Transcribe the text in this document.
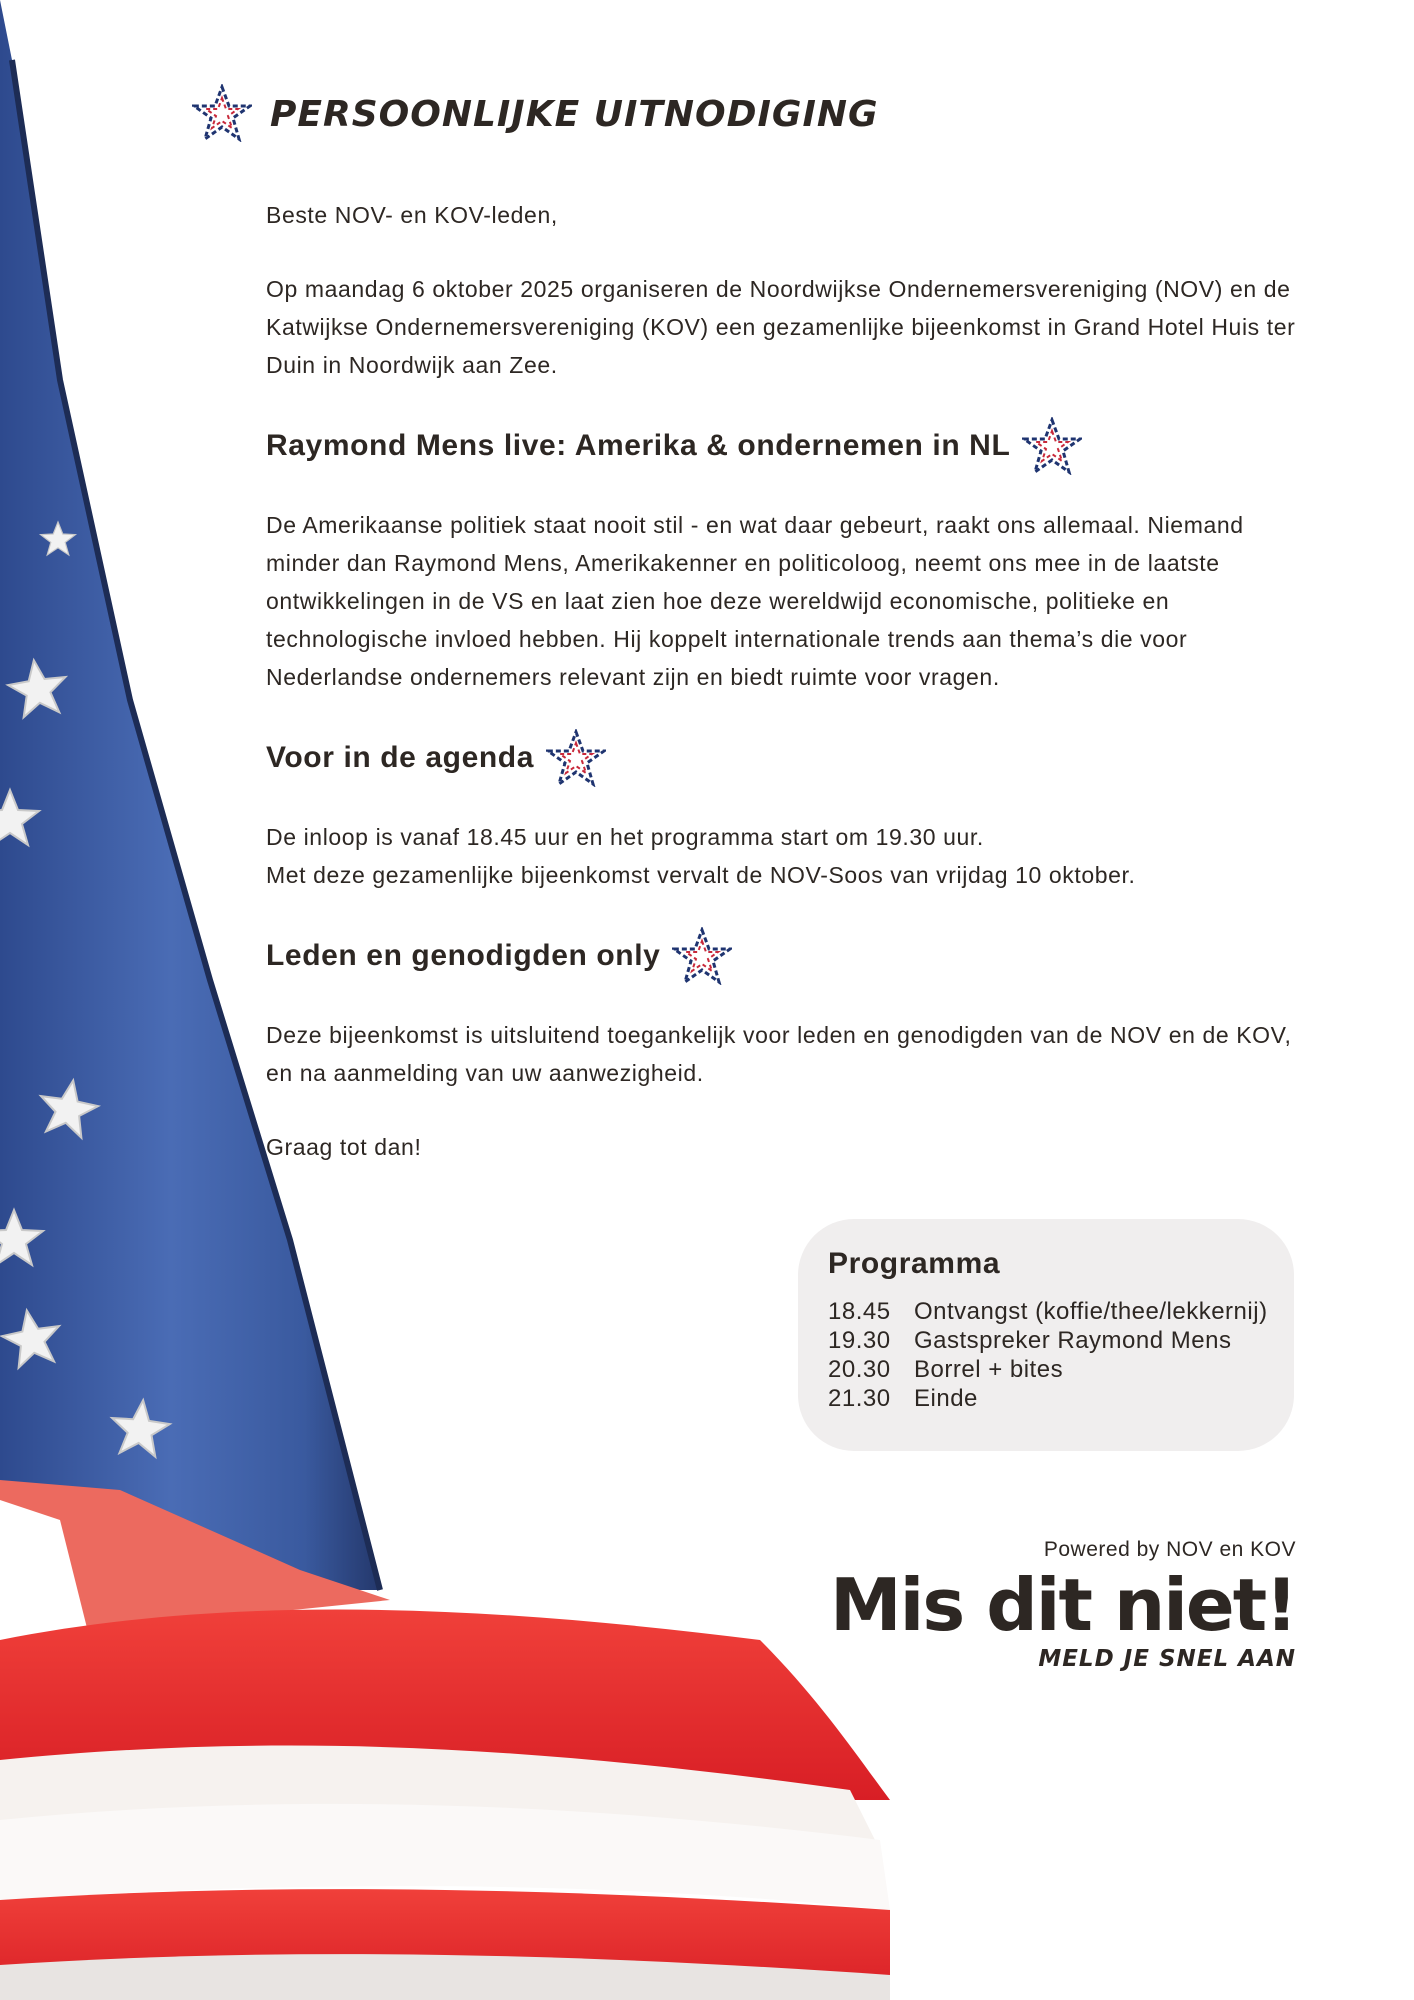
PERSOONLIJKE UITNODIGING

Beste NOV- en KOV-leden,

Op maandag 6 oktober 2025 organiseren de Noordwijkse Ondernemersvereniging (NOV) en de Katwijkse Ondernemersvereniging (KOV) een gezamenlijke bijeenkomst in Grand Hotel Huis ter Duin in Noordwijk aan Zee.

Raymond Mens live: Amerika & ondernemen in NL

De Amerikaanse politiek staat nooit stil - en wat daar gebeurt, raakt ons allemaal. Niemand minder dan Raymond Mens, Amerikakenner en politicoloog, neemt ons mee in de laatste ontwikkelingen in de VS en laat zien hoe deze wereldwijd economische, politieke en technologische invloed hebben. Hij koppelt internationale trends aan thema’s die voor Nederlandse ondernemers relevant zijn en biedt ruimte voor vragen.

Voor in de agenda

De inloop is vanaf 18.45 uur en het programma start om 19.30 uur.

Met deze gezamenlijke bijeenkomst vervalt de NOV-Soos van vrijdag 10 oktober.

Leden en genodigden only

Deze bijeenkomst is uitsluitend toegankelijk voor leden en genodigden van de NOV en de KOV, en na aanmelding van uw aanwezigheid.

Graag tot dan!

Programma
18.45 Ontvangst (koffie/thee/lekkernij)
19.30 Gastspreker Raymond Mens
20.30 Borrel + bites
21.30 Einde

Powered by NOV en KOV

Mis dit niet!

MELD JE SNEL AAN
